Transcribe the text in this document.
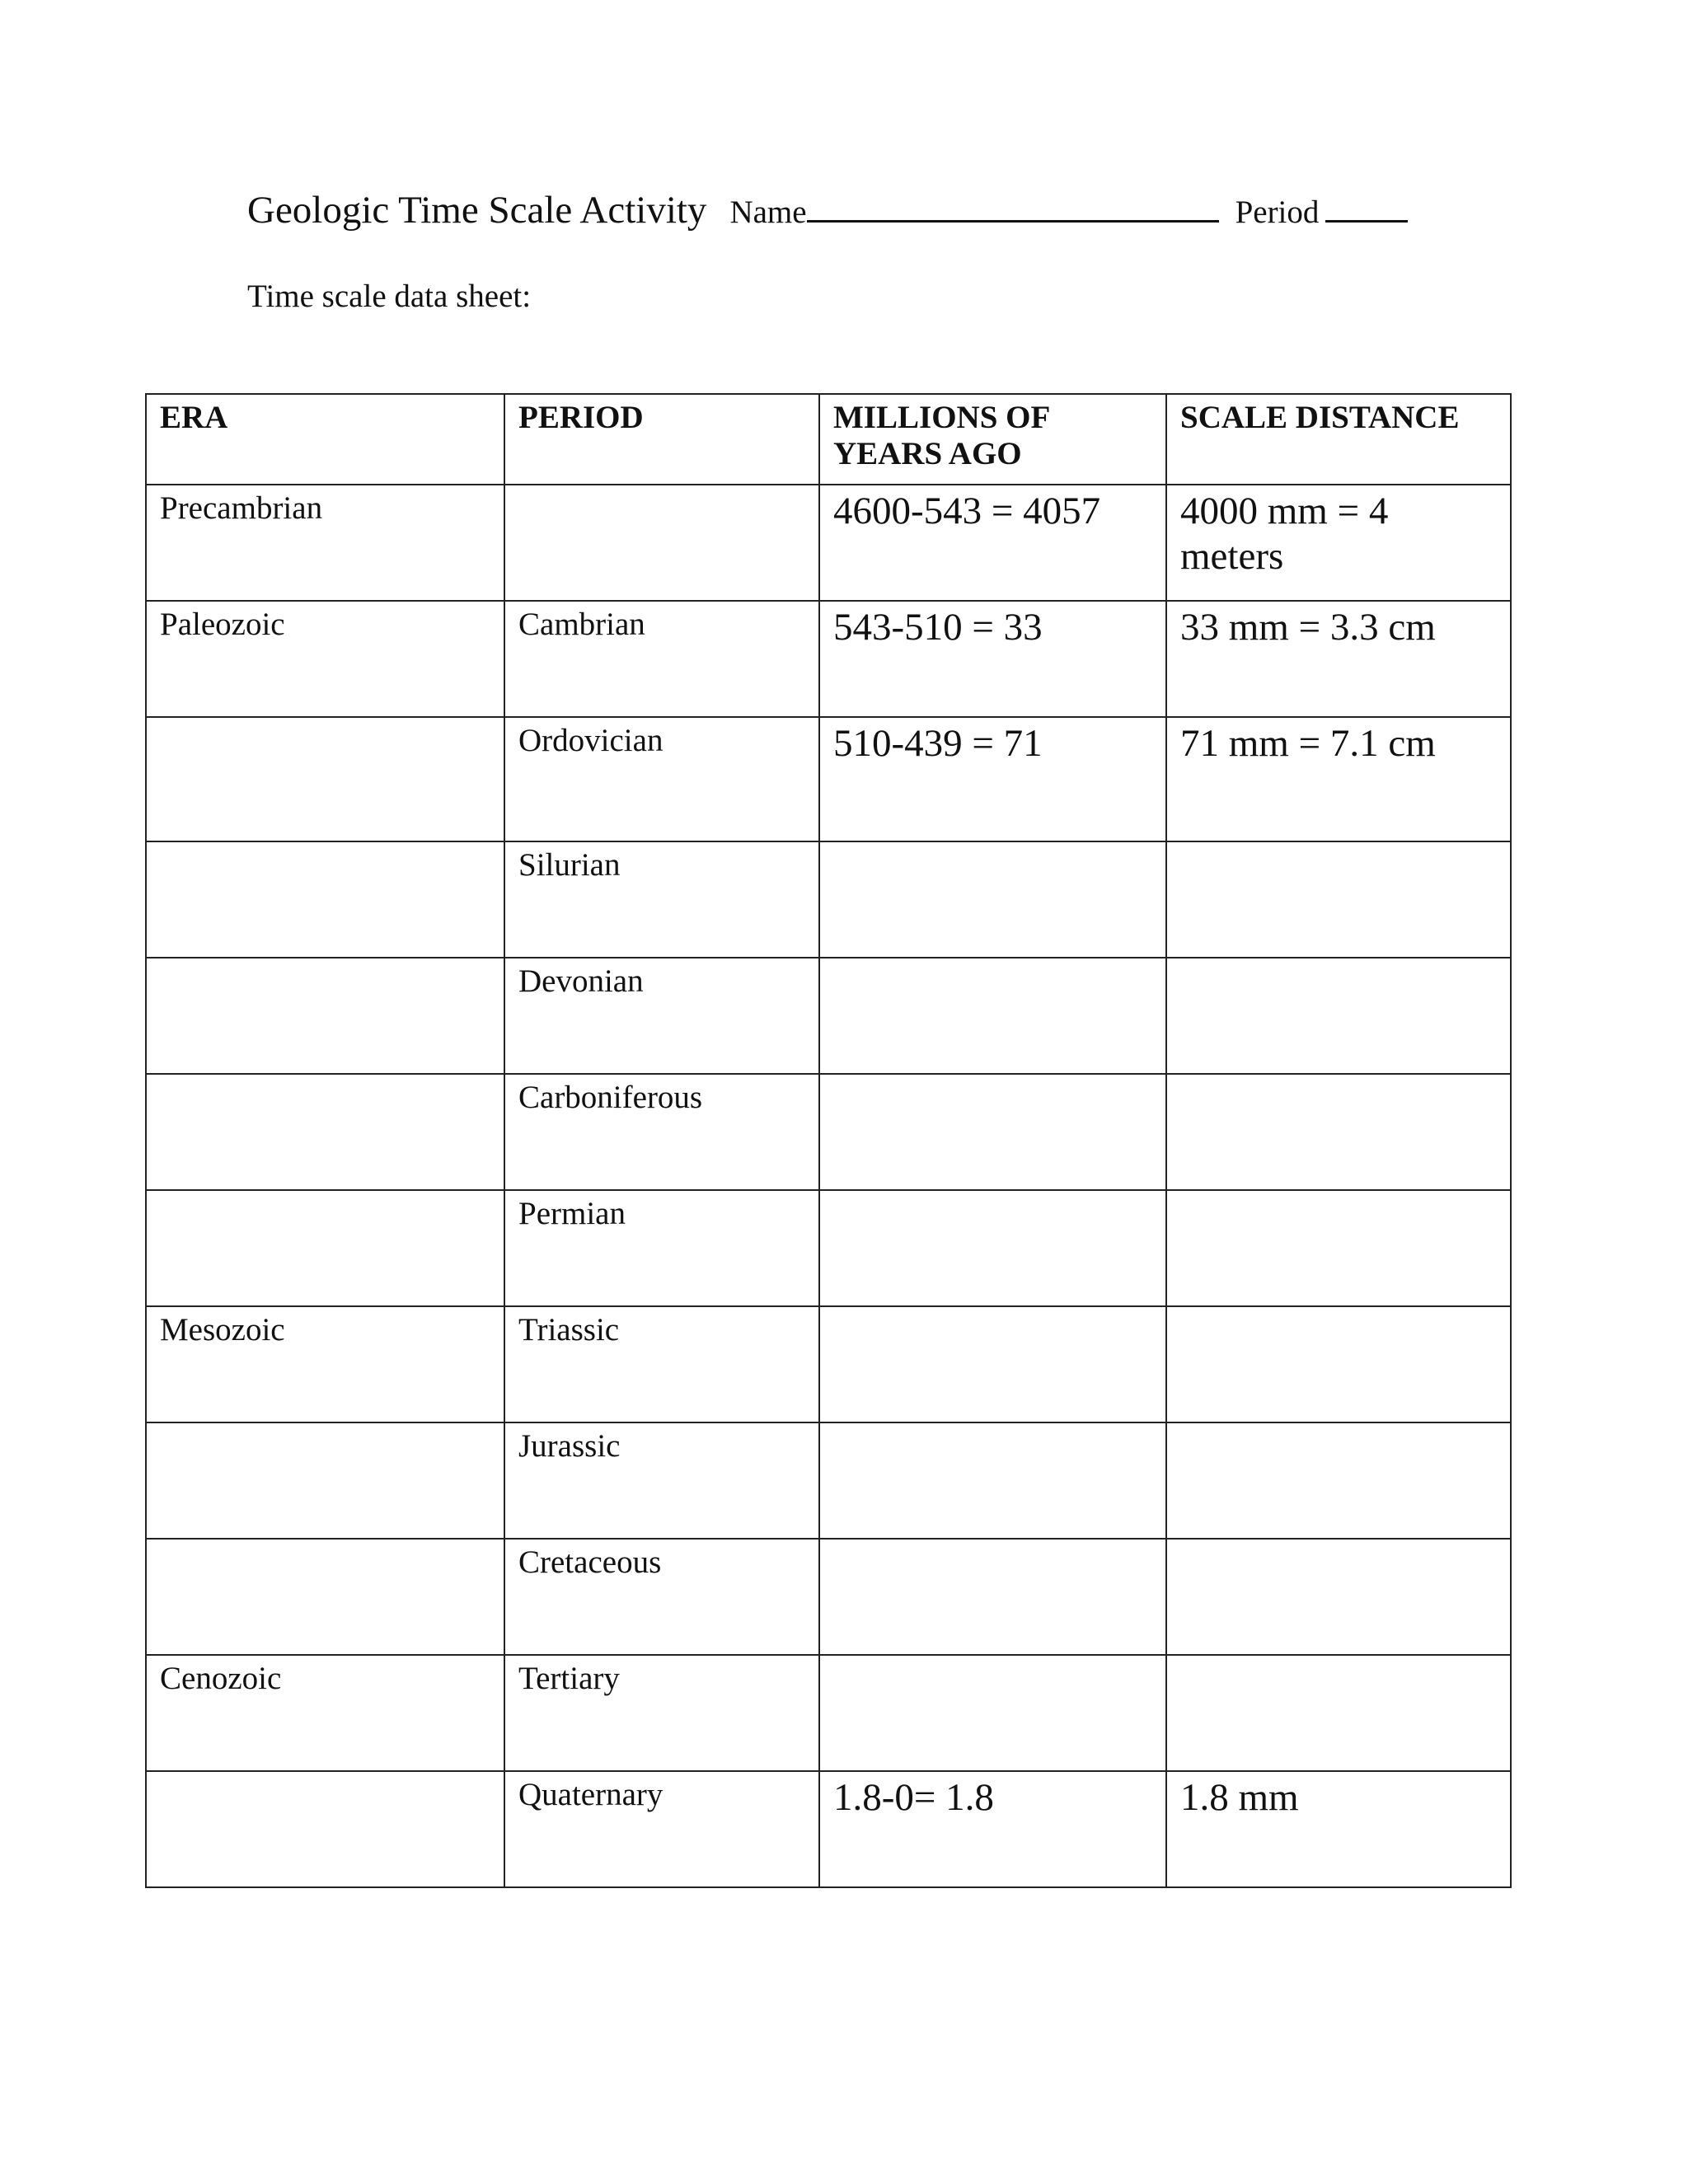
Geologic Time Scale Activity Name	Period
Time scale data sheet:
ERA	PERIOD	MILLIONS OF YEARS AGO	SCALE DISTANCE
Precambrian		4600-543 = 4057	4000 mm = 4 meters
Paleozoic	Cambrian	543-510 = 33	33 mm = 3.3 cm
	Ordovician	510-439 = 71	71 mm = 7.1 cm
	Silurian		
	Devonian		
	Carboniferous		
	Permian		
Mesozoic	Triassic		
	Jurassic		
	Cretaceous		
Cenozoic	Tertiary		
	Quaternary	1.8-0= 1.8	1.8 mm
